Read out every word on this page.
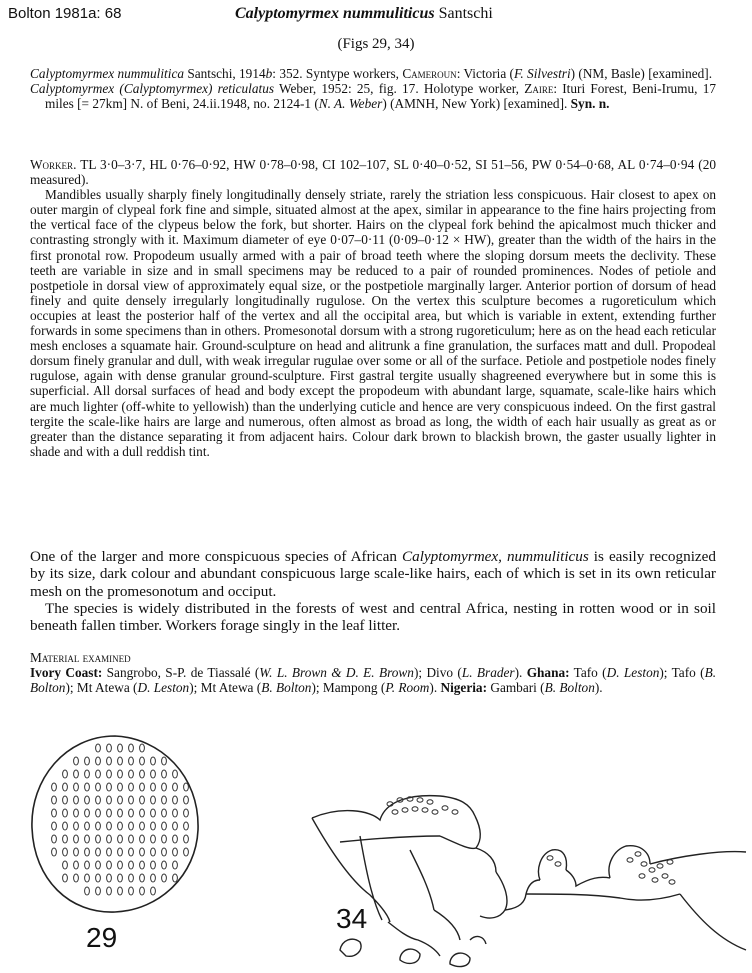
Bolton 1981a: 68	Calyptomyrmex nummuliticus Santschi
(Figs 29, 34)
Calyptomyrmex nummulitica Santschi, 1914b: 352. Syntype workers, Cameroun: Victoria (F. Silvestri) (NM, Basle) [examined].
Calyptomyrmex (Calyptomyrmex) reticulatus Weber, 1952: 25, fig. 17. Holotype worker, Zaire: Ituri Forest, Beni-Irumu, 17 miles [= 27km] N. of Beni, 24.ii.1948, no. 2124-1 (N. A. Weber) (AMNH, New York) [examined]. Syn. n.
Worker. TL 3·0–3·7, HL 0·76–0·92, HW 0·78–0·98, CI 102–107, SL 0·40–0·52, SI 51–56, PW 0·54–0·68, AL 0·74–0·94 (20 measured).

Mandibles usually sharply finely longitudinally densely striate, rarely the striation less conspicuous. Hair closest to apex on outer margin of clypeal fork fine and simple, situated almost at the apex, similar in appearance to the fine hairs projecting from the vertical face of the clypeus below the fork, but shorter. Hairs on the clypeal fork behind the apicalmost much thicker and contrasting strongly with it. Maximum diameter of eye 0·07–0·11 (0·09–0·12 × HW), greater than the width of the hairs in the first pronotal row. Propodeum usually armed with a pair of broad teeth where the sloping dorsum meets the declivity. These teeth are variable in size and in small specimens may be reduced to a pair of rounded prominences. Nodes of petiole and postpetiole in dorsal view of approximately equal size, or the postpetiole marginally larger. Anterior portion of dorsum of head finely and quite densely irregularly longitudinally rugulose. On the vertex this sculpture becomes a rugoreticulum which occupies at least the posterior half of the vertex and all the occipital area, but which is variable in extent, extending further forwards in some specimens than in others. Promesonotal dorsum with a strong rugoreticulum; here as on the head each reticular mesh encloses a squamate hair. Ground-sculpture on head and alitrunk a fine granulation, the surfaces matt and dull. Propodeal dorsum finely granular and dull, with weak irregular rugulae over some or all of the surface. Petiole and postpetiole nodes finely rugulose, again with dense granular ground-sculpture. First gastral tergite usually shagreened everywhere but in some this is superficial. All dorsal surfaces of head and body except the propodeum with abundant large, squamate, scale-like hairs which are much lighter (off-white to yellowish) than the underlying cuticle and hence are very conspicuous indeed. On the first gastral tergite the scale-like hairs are large and numerous, often almost as broad as long, the width of each hair usually as great as or greater than the distance separating it from adjacent hairs. Colour dark brown to blackish brown, the gaster usually lighter in shade and with a dull reddish tint.

One of the larger and more conspicuous species of African Calyptomyrmex, nummuliticus is easily recognized by its size, dark colour and abundant conspicuous large scale-like hairs, each of which is set in its own reticular mesh on the promesonotum and occiput.

The species is widely distributed in the forests of west and central Africa, nesting in rotten wood or in soil beneath fallen timber. Workers forage singly in the leaf litter.

Material examined

Ivory Coast: Sangrobo, S-P. de Tiassalé (W. L. Brown & D. E. Brown); Divo (L. Brader). Ghana: Tafo (D. Leston); Tafo (B. Bolton); Mt Atewa (D. Leston); Mt Atewa (B. Bolton); Mampong (P. Room). Nigeria: Gambari (B. Bolton).

29
34
